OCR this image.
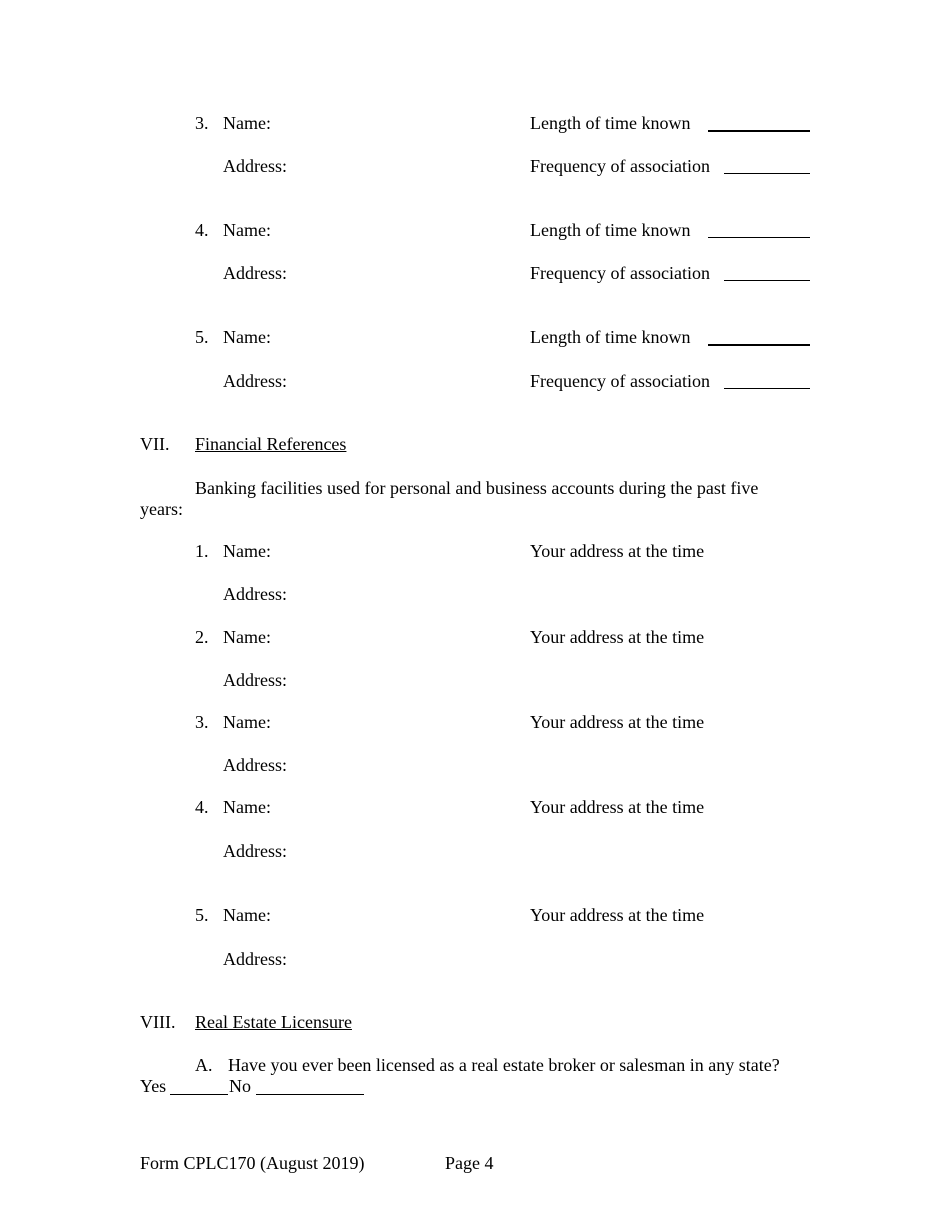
3. Name:	Length of time known
Address:	Frequency of association
4. Name:	Length of time known
Address:	Frequency of association
5. Name:	Length of time known
Address:	Frequency of association
VII. Financial References
Banking facilities used for personal and business accounts during the past five
years:
1. Name:	Your address at the time
Address:
2. Name:	Your address at the time
Address:
3. Name:	Your address at the time
Address:
4. Name:	Your address at the time
Address:
5. Name:	Your address at the time
Address:
VIII. Real Estate Licensure
A. Have you ever been licensed as a real estate broker or salesman in any state?
Yes	No
Form CPLC170 (August 2019)	Page 4
